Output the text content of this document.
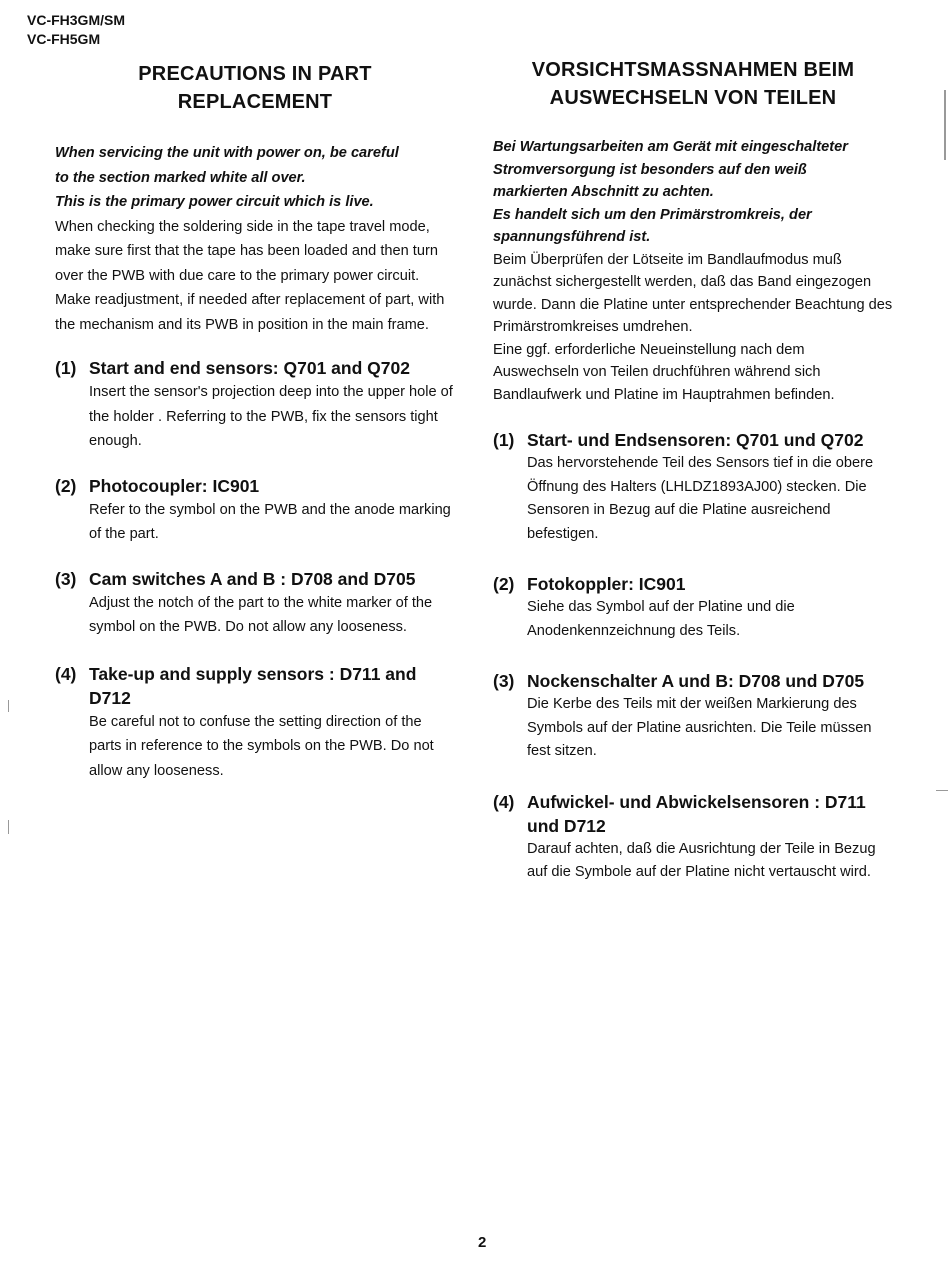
VC-FH3GM/SM
VC-FH5GM
PRECAUTIONS IN PART
REPLACEMENT

When servicing the unit with power on, be careful

to the section marked white all over.

This is the primary power circuit which is live.

When checking the soldering side in the tape travel mode, make sure first that the tape has been loaded and then turn over the PWB with due care to the primary power circuit.

Make readjustment, if needed after replacement of part, with the mechanism and its PWB in position in the main frame.

(1) Start and end sensors: Q701 and Q702

Insert the sensor's projection deep into the upper hole of the holder . Referring to the PWB, fix the sensors tight enough.

(2) Photocoupler: IC901

Refer to the symbol on the PWB and the anode marking of the part.

(3) Cam switches A and B : D708 and D705

Adjust the notch of the part to the white marker of the symbol on the PWB. Do not allow any looseness.

(4) Take-up and supply sensors : D711 and D712

Be careful not to confuse the setting direction of the parts in reference to the symbols on the PWB. Do not allow any looseness.

VORSICHTSMASSNAHMEN BEIM
AUSWECHSELN VON TEILEN

Bei Wartungsarbeiten am Gerät mit eingeschalteter

Stromversorgung ist besonders auf den weiß

markierten Abschnitt zu achten.

Es handelt sich um den Primärstromkreis, der

spannungsführend ist.

Beim Überprüfen der Lötseite im Bandlaufmodus muß zunächst sichergestellt werden, daß das Band eingezogen wurde. Dann die Platine unter entsprechender Beachtung des Primärstromkreises umdrehen.

Eine ggf. erforderliche Neueinstellung nach dem Auswechseln von Teilen druchführen während sich Bandlaufwerk und Platine im Hauptrahmen befinden.

(1) Start- und Endsensoren: Q701 und Q702

Das hervorstehende Teil des Sensors tief in die obere Öffnung des Halters (LHLDZ1893AJ00) stecken. Die Sensoren in Bezug auf die Platine ausreichend befestigen.

(2) Fotokoppler: IC901

Siehe das Symbol auf der Platine und die Anodenkennzeichnung des Teils.

(3) Nockenschalter A und B: D708 und D705

Die Kerbe des Teils mit der weißen Markierung des Symbols auf der Platine ausrichten. Die Teile müssen fest sitzen.

(4) Aufwickel- und Abwickelsensoren : D711 und D712

Darauf achten, daß die Ausrichtung der Teile in Bezug auf die Symbole auf der Platine nicht vertauscht wird.

2
